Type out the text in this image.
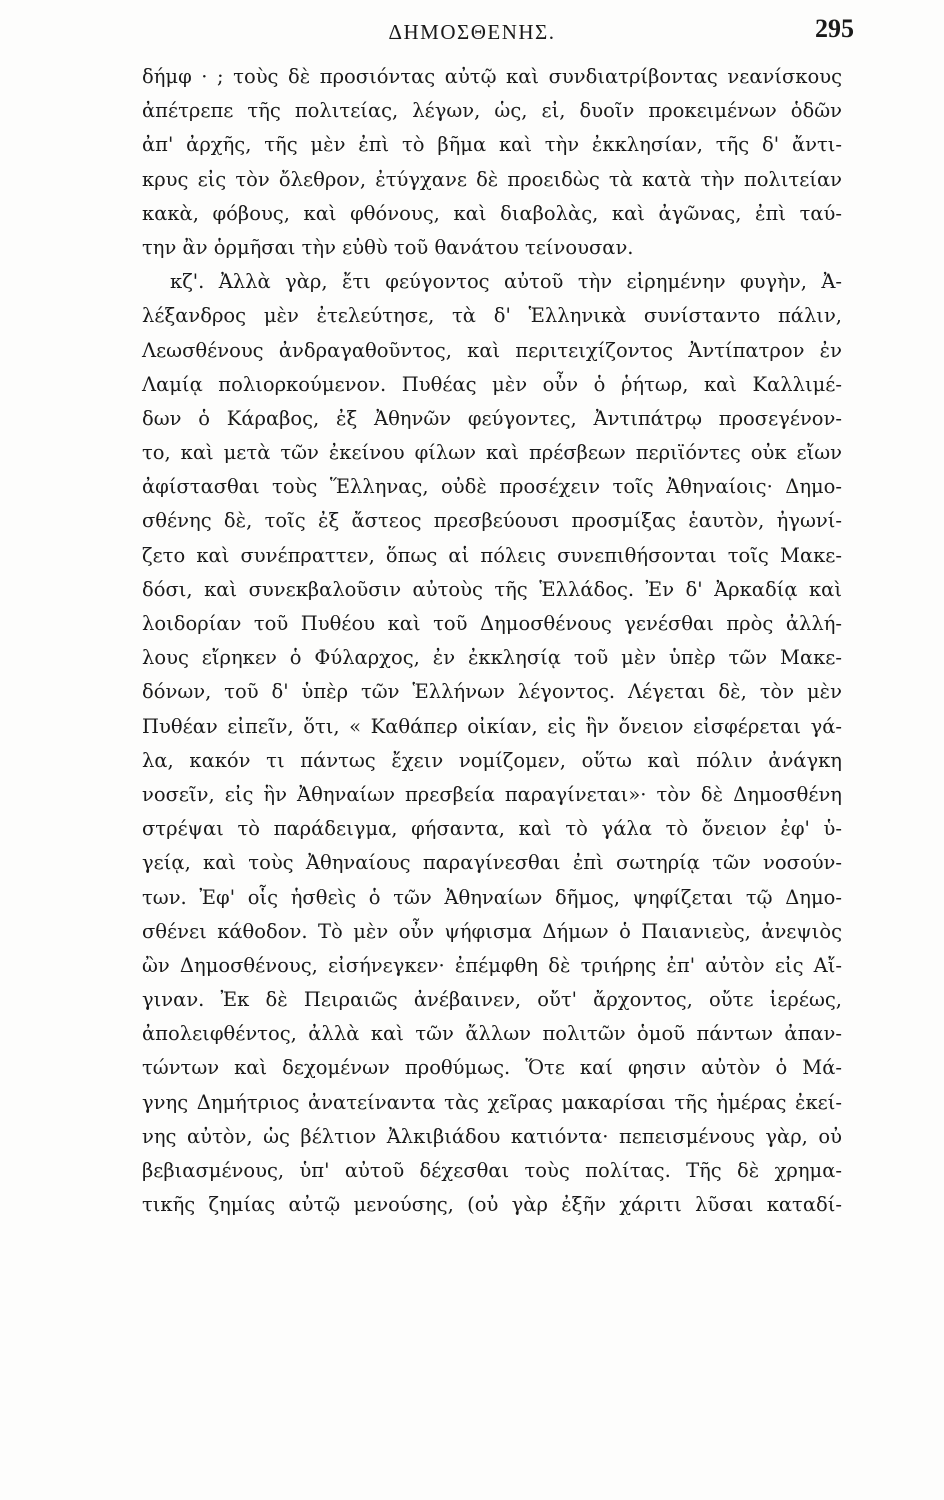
ΔΗΜΟΣΘΕΝΗΣ.	295
δήμφ · ; τοὺς δὲ προσιόντας αὐτῷ καὶ συνδιατρίβοντας νεανίσκους
ἀπέτρεπε τῆς πολιτείας, λέγων, ὡς, εἰ, δυοῖν προκειμένων ὁδῶν
ἀπ' ἀρχῆς, τῆς μὲν ἐπὶ τὸ βῆμα καὶ τὴν ἐκκλησίαν, τῆς δ' ἄντι-
κρυς εἰς τὸν ὄλεθρον, ἐτύγχανε δὲ προειδὼς τὰ κατὰ τὴν πολιτείαν
κακὰ, φόβους, καὶ φθόνους, καὶ διαβολὰς, καὶ ἀγῶνας, ἐπὶ ταύ-
την ἂν ὁρμῆσαι τὴν εὐθὺ τοῦ θανάτου τείνουσαν.
κζ'. Ἀλλὰ γὰρ, ἔτι φεύγοντος αὐτοῦ τὴν εἰρημένην φυγὴν, Ἀ-
λέξανδρος μὲν ἐτελεύτησε, τὰ δ' Ἑλληνικὰ συνίσταντο πάλιν,
Λεωσθένους ἀνδραγαθοῦντος, καὶ περιτειχίζοντος Ἀντίπατρον ἐν
Λαμίᾳ πολιορκούμενον. Πυθέας μὲν οὖν ὁ ῥήτωρ, καὶ Καλλιμέ-
δων ὁ Κάραβος, ἐξ Ἀθηνῶν φεύγοντες, Ἀντιπάτρῳ προσεγένον-
το, καὶ μετὰ τῶν ἐκείνου φίλων καὶ πρέσβεων περιϊόντες οὐκ εἴων
ἀφίστασθαι τοὺς Ἕλληνας, οὐδὲ προσέχειν τοῖς Ἀθηναίοις· Δημο-
σθένης δὲ, τοῖς ἐξ ἄστεος πρεσβεύουσι προσμίξας ἑαυτὸν, ἠγωνί-
ζετο καὶ συνέπραττεν, ὅπως αἱ πόλεις συνεπιθήσονται τοῖς Μακε-
δόσι, καὶ συνεκβαλοῦσιν αὐτοὺς τῆς Ἑλλάδος. Ἐν δ' Ἀρκαδίᾳ καὶ
λοιδορίαν τοῦ Πυθέου καὶ τοῦ Δημοσθένους γενέσθαι πρὸς ἀλλή-
λους εἴρηκεν ὁ Φύλαρχος, ἐν ἐκκλησίᾳ τοῦ μὲν ὑπὲρ τῶν Μακε-
δόνων, τοῦ δ' ὑπὲρ τῶν Ἑλλήνων λέγοντος. Λέγεται δὲ, τὸν μὲν
Πυθέαν εἰπεῖν, ὅτι, « Καθάπερ οἰκίαν, εἰς ἣν ὄνειον εἰσφέρεται γά-
λα, κακόν τι πάντως ἔχειν νομίζομεν, οὕτω καὶ πόλιν ἀνάγκη
νοσεῖν, εἰς ἣν Ἀθηναίων πρεσβεία παραγίνεται»· τὸν δὲ Δημοσθένη
στρέψαι τὸ παράδειγμα, φήσαντα, καὶ τὸ γάλα τὸ ὄνειον ἐφ' ὑ-
γείᾳ, καὶ τοὺς Ἀθηναίους παραγίνεσθαι ἐπὶ σωτηρίᾳ τῶν νοσούν-
των. Ἐφ' οἷς ἡσθεὶς ὁ τῶν Ἀθηναίων δῆμος, ψηφίζεται τῷ Δημο-
σθένει κάθοδον. Τὸ μὲν οὖν ψήφισμα Δήμων ὁ Παιανιεὺς, ἀνεψιὸς
ὢν Δημοσθένους, εἰσήνεγκεν· ἐπέμφθη δὲ τριήρης ἐπ' αὐτὸν εἰς Αἴ-
γιναν. Ἐκ δὲ Πειραιῶς ἀνέβαινεν, οὔτ' ἄρχοντος, οὔτε ἱερέως,
ἀπολειφθέντος, ἀλλὰ καὶ τῶν ἄλλων πολιτῶν ὁμοῦ πάντων ἀπαν-
τώντων καὶ δεχομένων προθύμως. Ὅτε καί φησιν αὐτὸν ὁ Μά-
γνης Δημήτριος ἀνατείναντα τὰς χεῖρας μακαρίσαι τῆς ἡμέρας ἐκεί-
νης αὐτὸν, ὡς βέλτιον Ἀλκιβιάδου κατιόντα· πεπεισμένους γὰρ, οὐ
βεβιασμένους, ὑπ' αὐτοῦ δέχεσθαι τοὺς πολίτας. Τῆς δὲ χρημα-
τικῆς ζημίας αὐτῷ μενούσης, (οὐ γὰρ ἐξῆν χάριτι λῦσαι καταδί-
